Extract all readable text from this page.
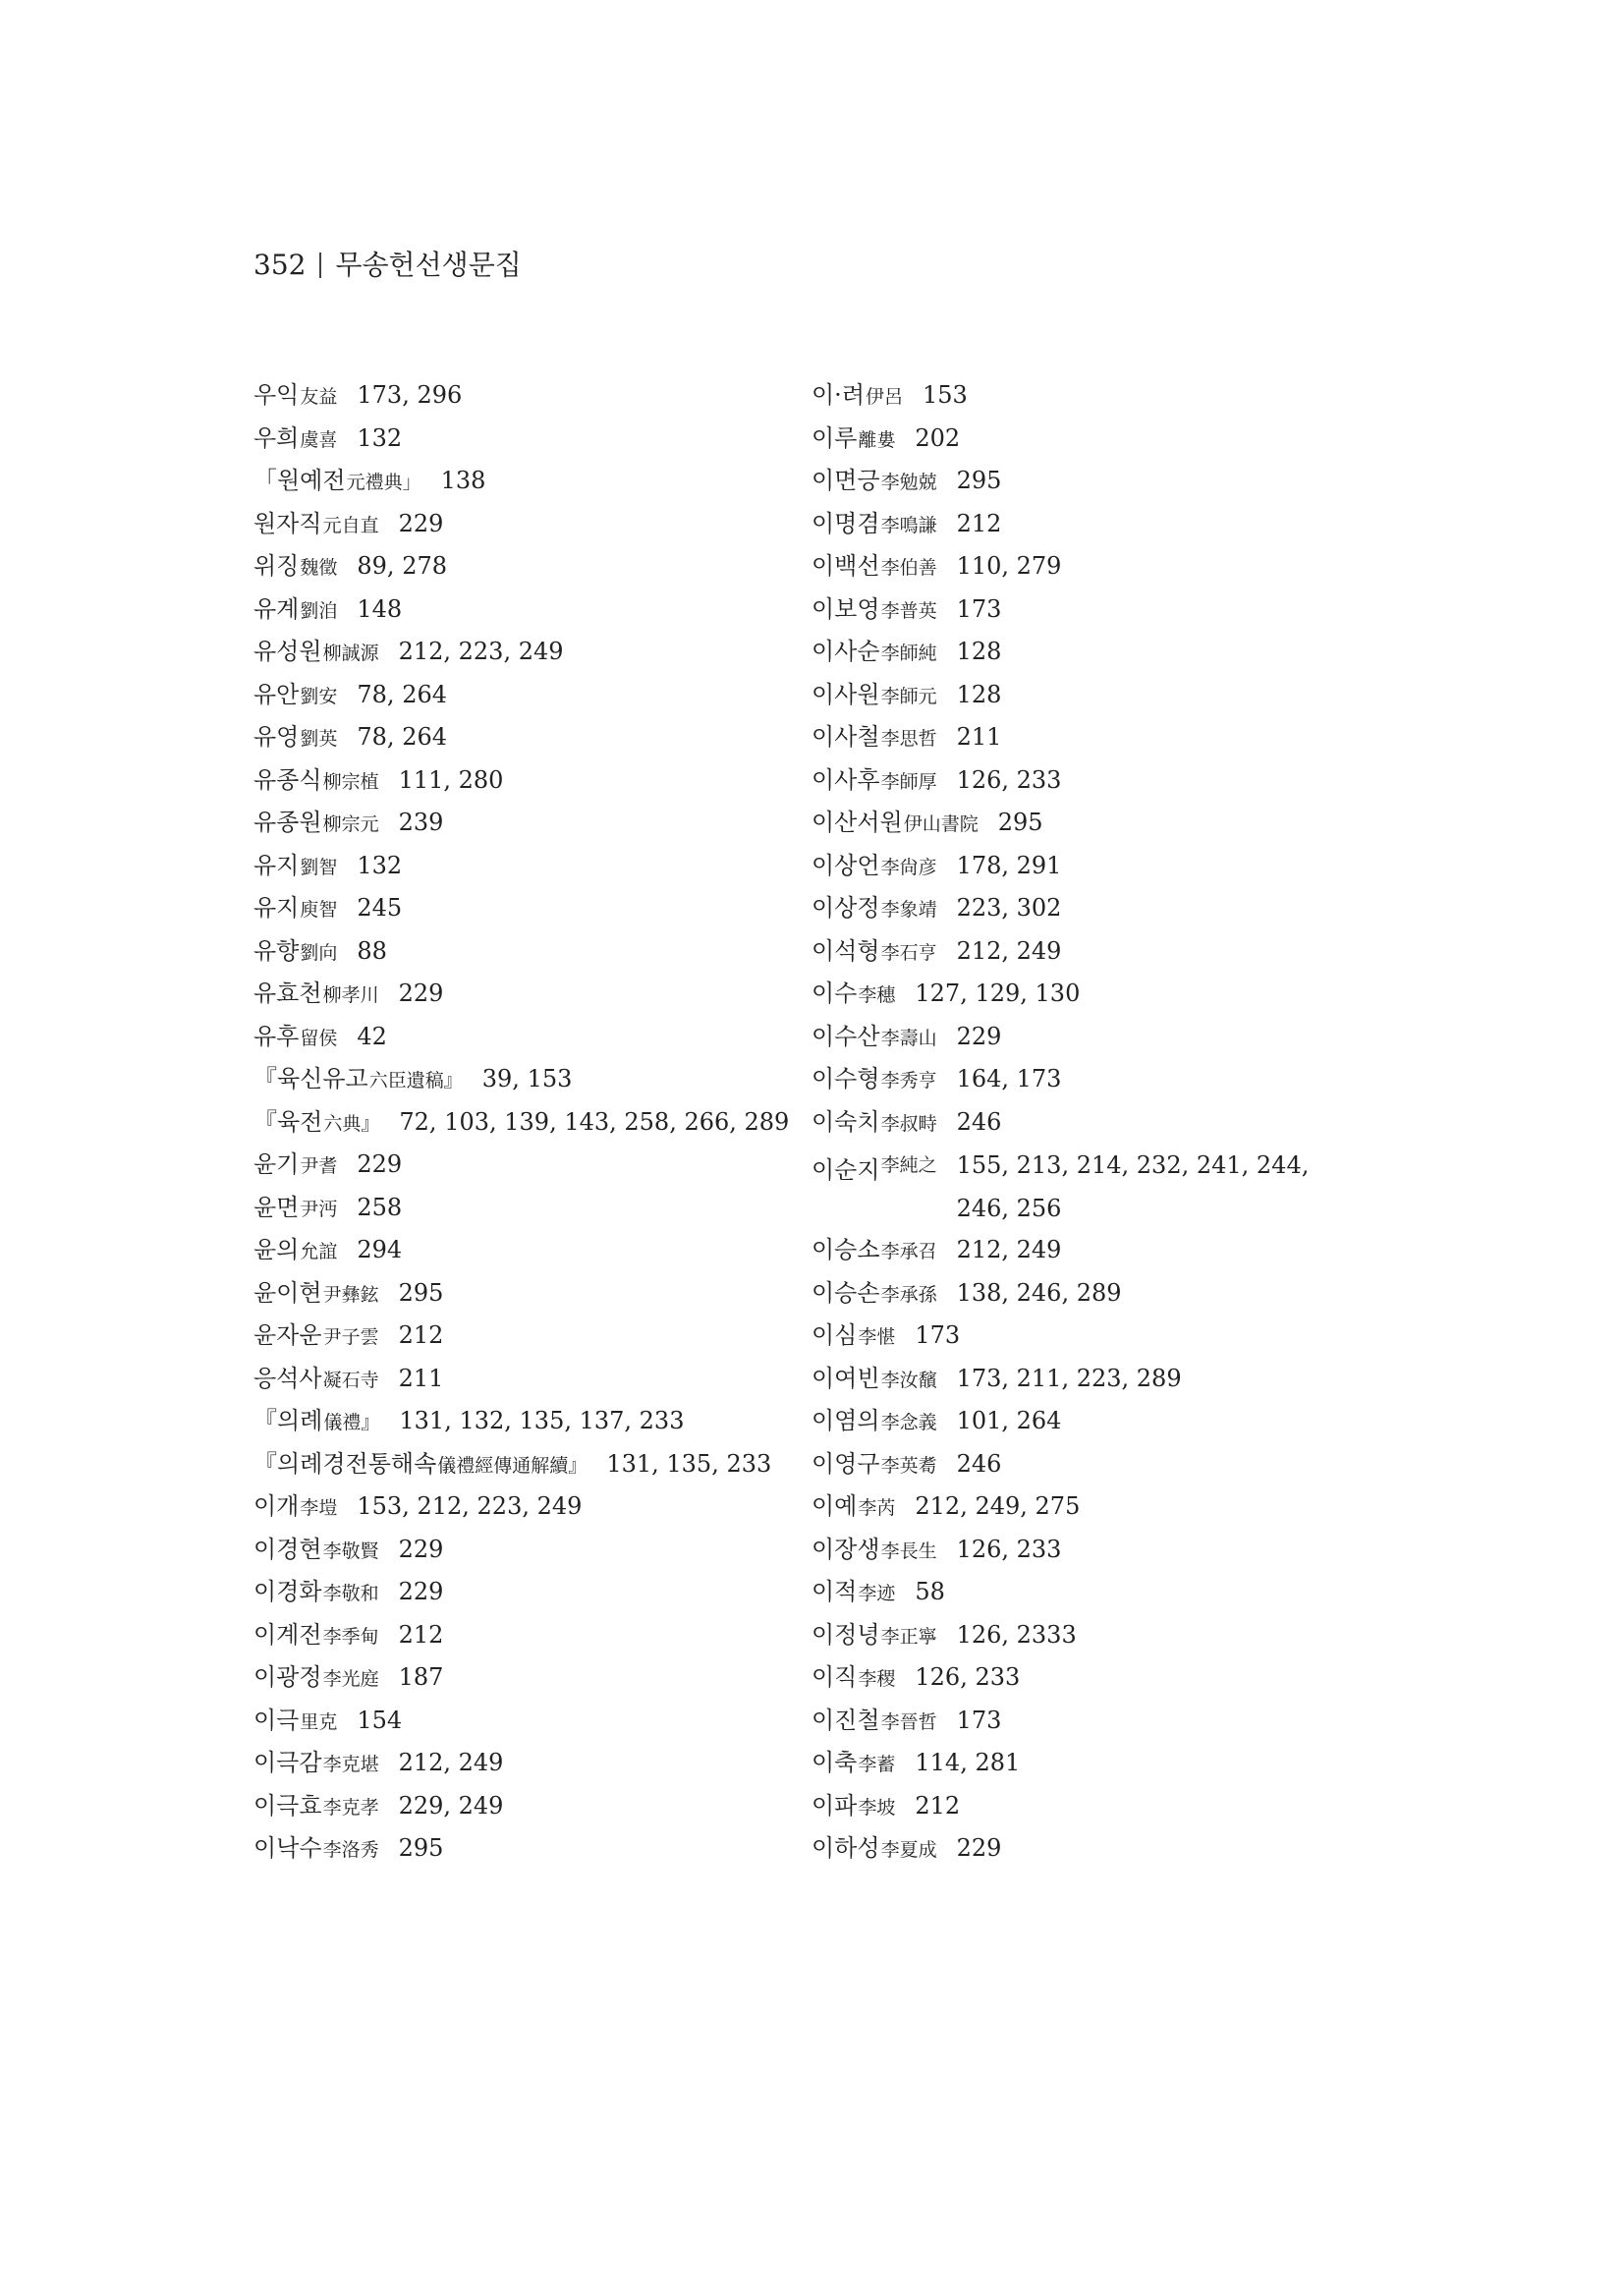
352 무송헌선생문집
우익 友益 173, 296
우희 虞喜 132
「원예전 元禮典」 138
원자직 元自直 229
위징 魏徵 89, 278
유계 劉洎 148
유성원 柳誠源 212, 223, 249
유안 劉安 78, 264
유영 劉英 78, 264
유종식 柳宗植 111, 280
유종원 柳宗元 239
유지 劉智 132
유지 庾智 245
유향 劉向 88
유효천 柳孝川 229
유후 留侯 42
『육신유고 六臣遺稿』 39, 153
『육전 六典』 72, 103, 139, 143, 258, 266, 289
윤기 尹耆 229
윤면 尹沔 258
윤의 允誼 294
윤이현 尹彝鉉 295
윤자운 尹子雲 212
응석사 凝石寺 211
『의례 儀禮』 131, 132, 135, 137, 233
『의례경전통해속 儀禮經傳通解續』 131, 135, 233
이개 李塏 153, 212, 223, 249
이경현 李敬賢 229
이경화 李敬和 229
이계전 李季甸 212
이광정 李光庭 187
이극 里克 154
이극감 李克堪 212, 249
이극효 李克孝 229, 249
이낙수 李洛秀 295
이·려 伊呂 153
이루 離婁 202
이면긍 李勉兢 295
이명겸 李鳴謙 212
이백선 李伯善 110, 279
이보영 李普英 173
이사순 李師純 128
이사원 李師元 128
이사철 李思哲 211
이사후 李師厚 126, 233
이산서원 伊山書院 295
이상언 李尙彦 178, 291
이상정 李象靖 223, 302
이석형 李石亨 212, 249
이수 李穗 127, 129, 130
이수산 李壽山 229
이수형 李秀亨 164, 173
이숙치 李叔畤 246
이순지 李純之 155, 213, 214, 232, 241, 244, 246, 256
이승소 李承召 212, 249
이승손 李承孫 138, 246, 289
이심 李愖 173
이여빈 李汝馪 173, 211, 223, 289
이염의 李念義 101, 264
이영구 李英耈 246
이예 李芮 212, 249, 275
이장생 李長生 126, 233
이적 李迹 58
이정녕 李正寧 126, 2333
이직 李稷 126, 233
이진철 李晉哲 173
이축 李蓄 114, 281
이파 李坡 212
이하성 李夏成 229
